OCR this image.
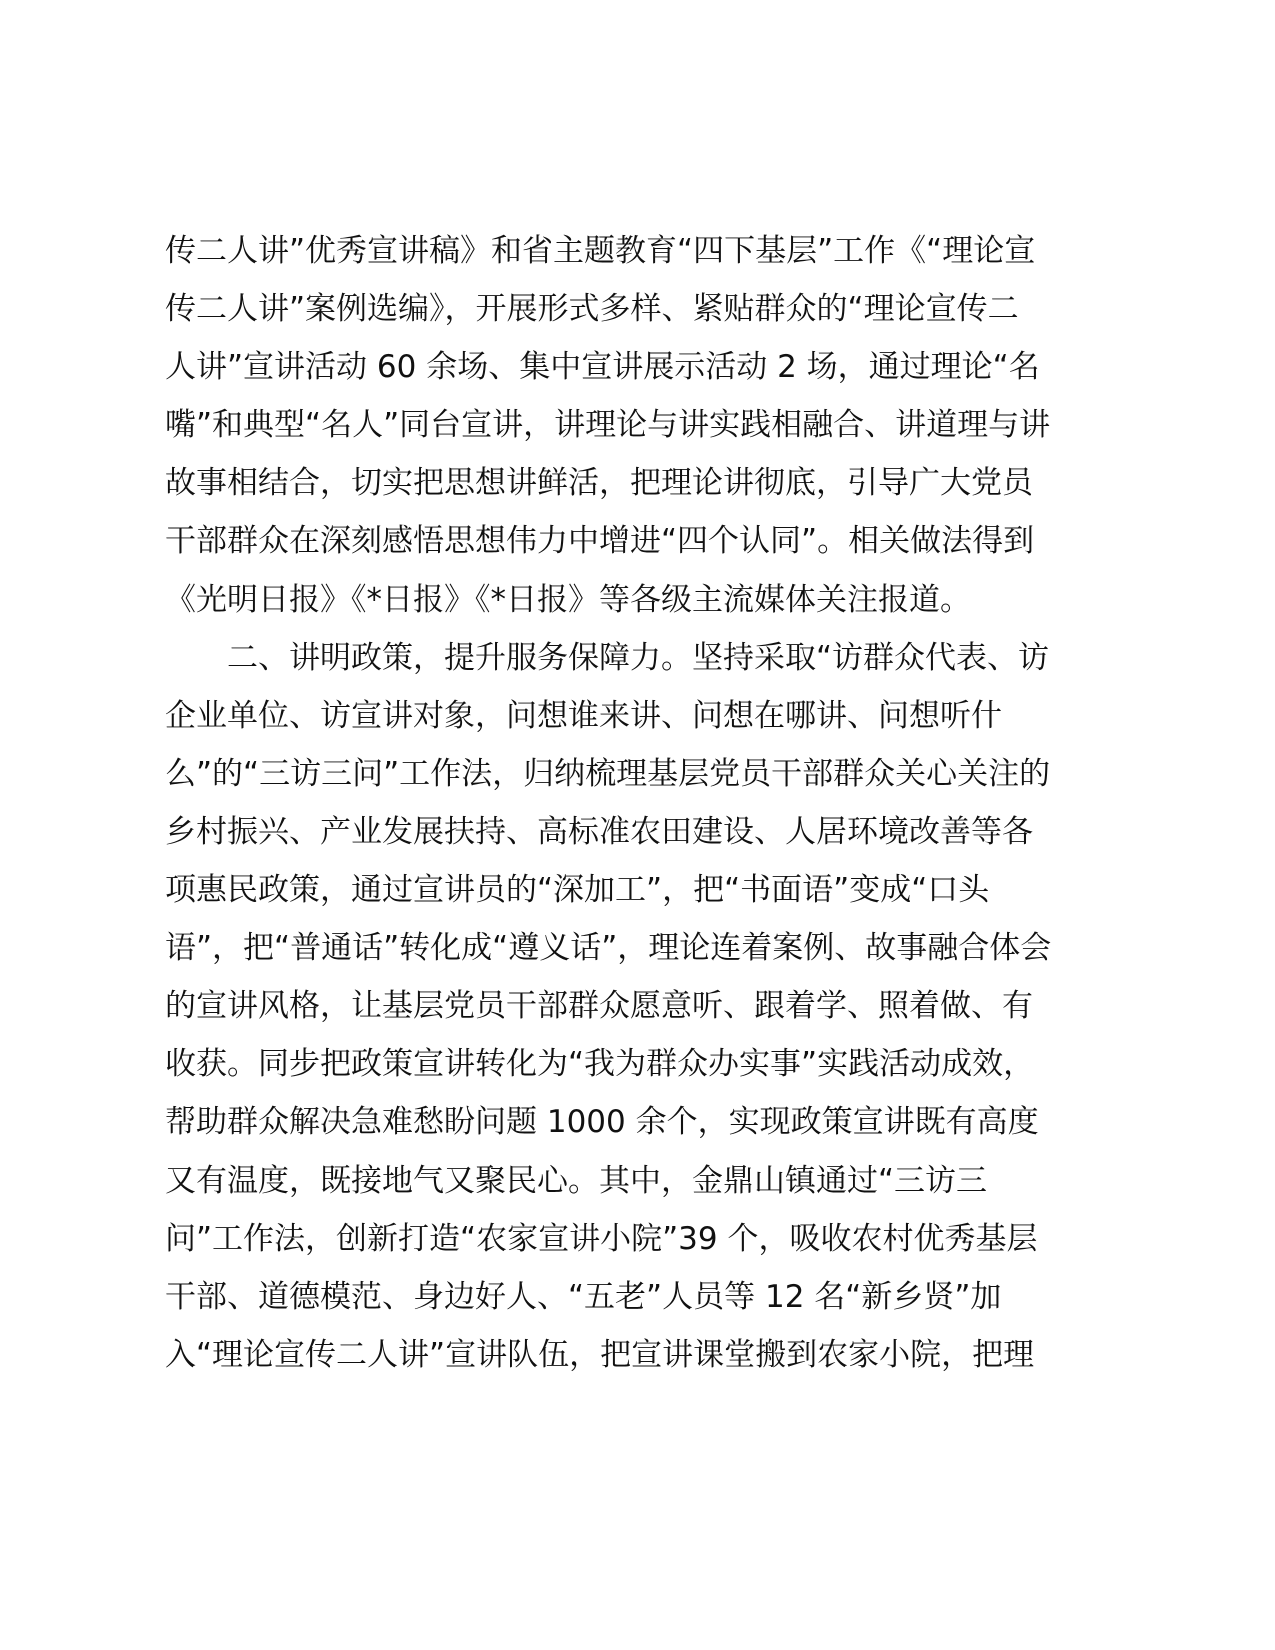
传二人讲”优秀宣讲稿》和省主题教育“四下基层”工作《“理论宣
传二人讲”案例选编》，开展形式多样、紧贴群众的“理论宣传二
人讲”宣讲活动 60 余场、集中宣讲展示活动 2 场，通过理论“名
嘴”和典型“名人”同台宣讲，讲理论与讲实践相融合、讲道理与讲
故事相结合，切实把思想讲鲜活，把理论讲彻底，引导广大党员
干部群众在深刻感悟思想伟力中增进“四个认同”。相关做法得到
《光明日报》《*日报》《*日报》等各级主流媒体关注报道。
二、讲明政策，提升服务保障力。坚持采取“访群众代表、访
企业单位、访宣讲对象，问想谁来讲、问想在哪讲、问想听什
么”的“三访三问”工作法，归纳梳理基层党员干部群众关心关注的
乡村振兴、产业发展扶持、高标准农田建设、人居环境改善等各
项惠民政策，通过宣讲员的“深加工”，把“书面语”变成“口头
语”，把“普通话”转化成“遵义话”，理论连着案例、故事融合体会
的宣讲风格，让基层党员干部群众愿意听、跟着学、照着做、有
收获。同步把政策宣讲转化为“我为群众办实事”实践活动成效，
帮助群众解决急难愁盼问题 1000 余个，实现政策宣讲既有高度
又有温度，既接地气又聚民心。其中，金鼎山镇通过“三访三
问”工作法，创新打造“农家宣讲小院”39 个，吸收农村优秀基层
干部、道德模范、身边好人、“五老”人员等 12 名“新乡贤”加
入“理论宣传二人讲”宣讲队伍，把宣讲课堂搬到农家小院，把理
